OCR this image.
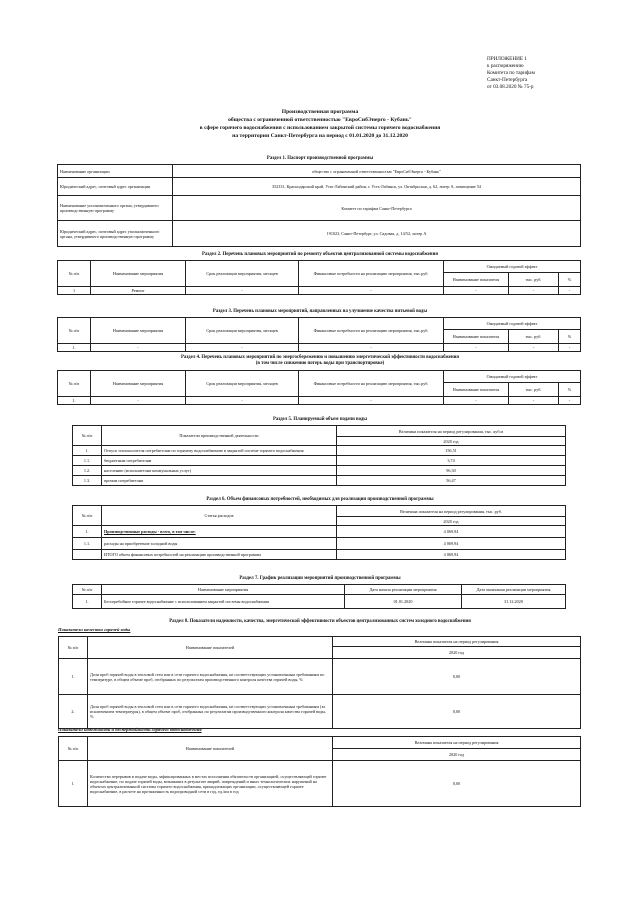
ПРИЛОЖЕНИЕ 1
к распоряжению
Комитета по тарифам
Санкт-Петербурга
от 03.08.2020 № 75-р
Производственная программа
общества с ограниченной ответственностью "ЕвроСибЭнерго - Кубань"
в сфере горячего водоснабжения с использованием закрытой системы горячего водоснабжения
на территории Санкт-Петербурга на период с 01.01.2020 до 31.12.2020
Раздел 1. Паспорт производственной программы
Наименование организации	общество с ограниченной ответственностью "ЕвроСибЭнерго - Кубань"
Юридический адрес, почтовый адрес организации	352331, Краснодарский край, Усть-Лабинский район, г. Усть-Лабинск, ул. Октябрьская, д. 62, литер А, помещение 54
Наименование уполномоченного органа, утвердившего производственную программу	Комитет по тарифам Санкт-Петербурга
Юридический адрес, почтовый адрес уполномоченного органа, утвердившего производственную программу	191023, Санкт-Петербург, ул. Садовая, д. 14/52, литер А
Раздел 2. Перечень плановых мероприятий по ремонту объектов централизованной системы водоснабжения
№ п/п	Наименование мероприятия	Срок реализации мероприятия, месяцев	Финансовые потребности на реализацию мероприятия, тыс.руб.	Ожидаемый годовой эффект		
				Наименование показателя	тыс. руб.	%
1	Ремонт	-	-	-	-	-
Раздел 3. Перечень плановых мероприятий, направленных на улучшение качества питьевой воды
№ п/п	Наименование мероприятия	Срок реализации мероприятия, месяцев	Финансовые потребности на реализацию мероприятия, тыс.руб.	Ожидаемый годовой эффект		
				Наименование показателя	тыс. руб.	%
1.	-	-	-	-	-	-
Раздел 4. Перечень плановых мероприятий по энергосбережению и повышению энергетической эффективности водоснабжения
(в том числе снижению потерь воды при транспортировке)
№ п/п	Наименование мероприятия	Срок реализации мероприятия, месяцев	Финансовые потребности на реализацию мероприятия, тыс.руб.	Ожидаемый годовой эффект		
				Наименование показателя	тыс. руб.	%
1.	-	-	-	-	-	-
Раздел 5. Планируемый объем подачи воды
№ п/п	Показатели производственной деятельности	Величина показателя на период регулирования, тыс. куб.м
		2020 год
1.	Отпуск теплоносителя потребителям по горячему водоснабжению в закрытой системе горячего водоснабжения	156,51
1.1.	бюджетным потребителям	3,74
1.2.	населению (исполнителям коммунальных услуг)	96,30
1.3.	прочим потребителям	56,47
Раздел 6. Объем финансовых потребностей, необходимых для реализации производственной программы
№ п/п	Статья расходов	Величина показателя на период регулирования, тыс. руб.
		2020 год
1.	Производственные расходы - всего, в том числе:	4 069,94
1.1.	расходы на приобретение холодной воды	4 069,94
	ИТОГО объем финансовых потребностей на реализацию производственной программы	4 069,94
Раздел 7. График реализации мероприятий производственной программы
№ п/п	Наименование мероприятия	Дата начала реализации мероприятия	Дата окончания реализации мероприятия
1.	Бесперебойное горячее водоснабжение с использованием закрытой системы водоснабжения	01.01.2020	31.12.2020
Раздел 8. Показатели надежности, качества, энергетической эффективности объектов централизованных систем холодного водоснабжения
Показатели качества горячей воды
№ п/п	Наименование показателей	Величина показателя на период регулирования
		2020 год
1.	Доля проб горячей воды в тепловой сети или в сети горячего водоснабжения, не соответствующих установленным требованиям по температуре, в общем объеме проб, отобранных по результатам производственного контроля качества горячей воды, %	0,00
2.	Доля проб горячей воды в тепловой сети или в сети горячего водоснабжения, не соответствующих установленным требованиям (за исключением температуры), в общем объеме проб, отобранных по результатам производственного контроля качества горячей воды, %	0,00
Показатели надежности и бесперебойности горячего водоснабжения
№ п/п	Наименование показателей	Величина показателя на период регулирования
		2020 год
1.	Количество перерывов в подаче воды, зафиксированных в местах исполнения обязательств организацией, осуществляющей горячее водоснабжение, по подаче горячей воды, возникших в результате аварий, повреждений и иных технологических нарушений на объектах централизованной системы горячего водоснабжения, принадлежащих организации, осуществляющей горячее водоснабжение, в расчете на протяженность водопроводной сети в год, ед./км в год	0,00
